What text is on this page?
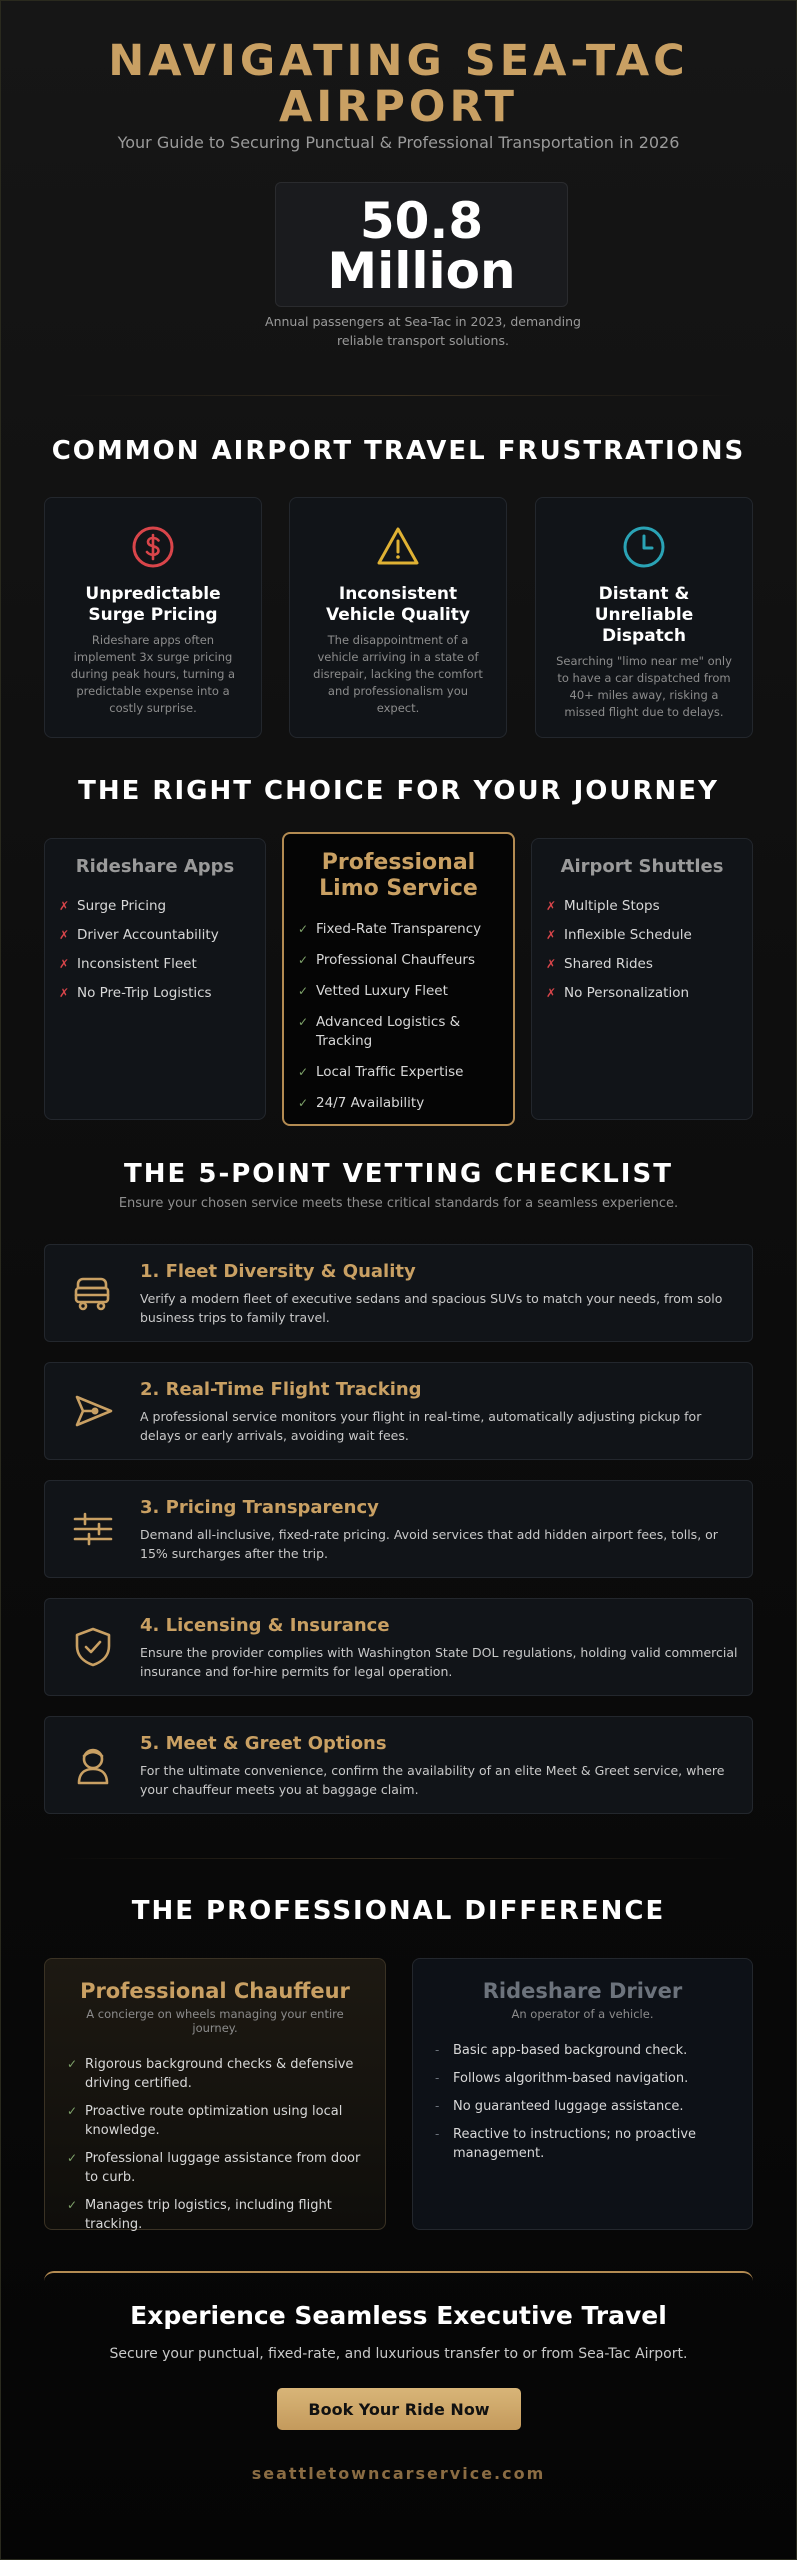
NAVIGATING SEA-TAC AIRPORT

Your Guide to Securing Punctual & Professional Transportation in 2026

50.8
Million

Annual passengers at Sea-Tac in 2023, demanding reliable transport solutions.

COMMON AIRPORT TRAVEL FRUSTRATIONS
Unpredictable Surge Pricing

Rideshare apps often implement 3x surge pricing during peak hours, turning a predictable expense into a costly surprise.

Inconsistent Vehicle Quality

The disappointment of a vehicle arriving in a state of disrepair, lacking the comfort and professionalism you expect.

Distant & Unreliable Dispatch

Searching "limo near me" only to have a car dispatched from 40+ miles away, risking a missed flight due to delays.

THE RIGHT CHOICE FOR YOUR JOURNEY
Rideshare Apps
✗ Surge Pricing
✗ Driver Accountability
✗ Inconsistent Fleet
✗ No Pre-Trip Logistics
Professional Limo Service
✓ Fixed-Rate Transparency
✓ Professional Chauffeurs
✓ Vetted Luxury Fleet
✓ Advanced Logistics & Tracking
✓ Local Traffic Expertise
✓ 24/7 Availability
Airport Shuttles
✗ Multiple Stops
✗ Inflexible Schedule
✗ Shared Rides
✗ No Personalization
THE 5-POINT VETTING CHECKLIST

Ensure your chosen service meets these critical standards for a seamless experience.

1. Fleet Diversity & Quality

Verify a modern fleet of executive sedans and spacious SUVs to match your needs, from solo business trips to family travel.

2. Real-Time Flight Tracking

A professional service monitors your flight in real-time, automatically adjusting pickup for delays or early arrivals, avoiding wait fees.

3. Pricing Transparency

Demand all-inclusive, fixed-rate pricing. Avoid services that add hidden airport fees, tolls, or 15% surcharges after the trip.

4. Licensing & Insurance

Ensure the provider complies with Washington State DOL regulations, holding valid commercial insurance and for-hire permits for legal operation.

5. Meet & Greet Options

For the ultimate convenience, confirm the availability of an elite Meet & Greet service, where your chauffeur meets you at baggage claim.

THE PROFESSIONAL DIFFERENCE
Professional Chauffeur

A concierge on wheels managing your entire journey.

✓ Rigorous background checks & defensive driving certified.
✓ Proactive route optimization using local knowledge.
✓ Professional luggage assistance from door to curb.
✓ Manages trip logistics, including flight tracking.
Rideshare Driver

An operator of a vehicle.

-	Basic app-based background check.
-	Follows algorithm-based navigation.
-	No guaranteed luggage assistance.
-	Reactive to instructions; no proactive management.
Experience Seamless Executive Travel

Secure your punctual, fixed-rate, and luxurious transfer to or from Sea-Tac Airport.

Book Your Ride Now
seattletowncarservice.com
